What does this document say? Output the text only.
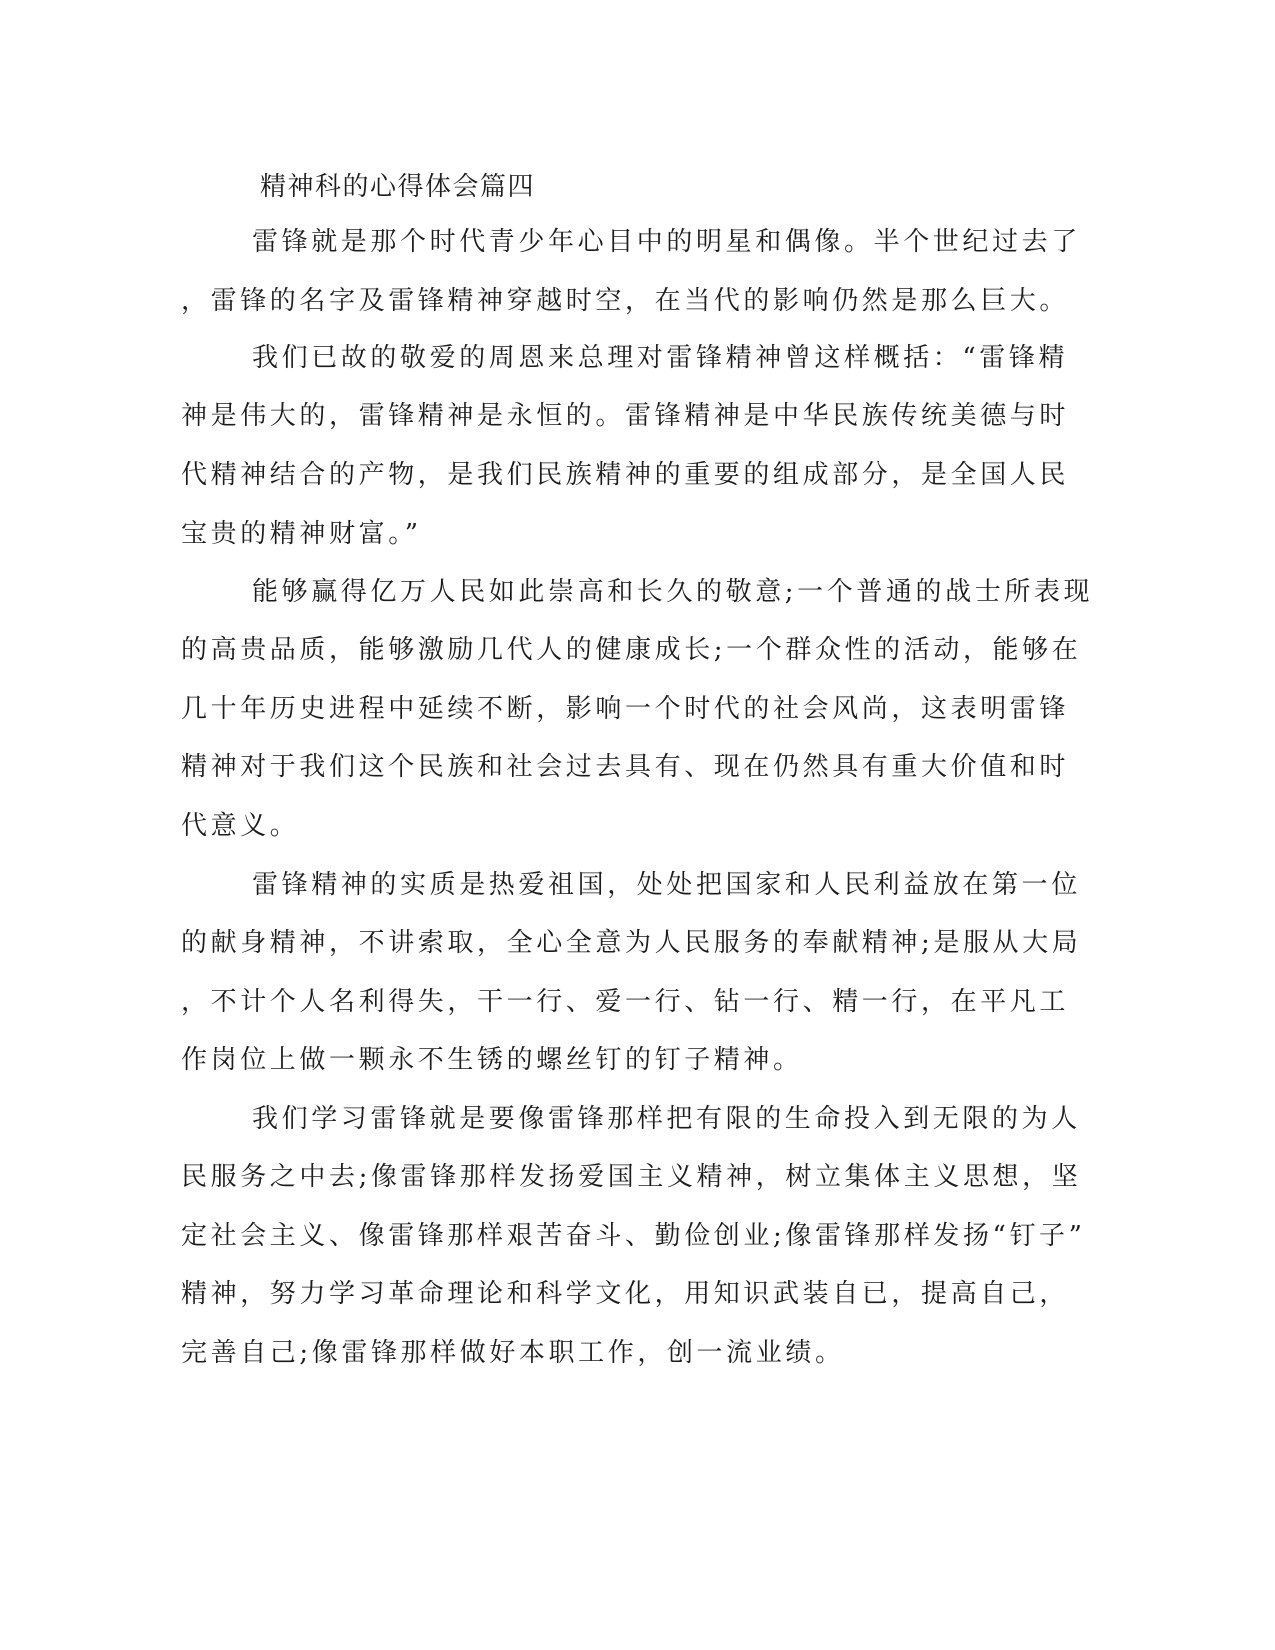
精神科的心得体会篇四

雷锋就是那个时代青少年心目中的明星和偶像。半个世纪过去了

，雷锋的名字及雷锋精神穿越时空，在当代的影响仍然是那么巨大。

我们已故的敬爱的周恩来总理对雷锋精神曾这样概括：“雷锋精

神是伟大的，雷锋精神是永恒的。雷锋精神是中华民族传统美德与时

代精神结合的产物，是我们民族精神的重要的组成部分，是全国人民

宝贵的精神财富。”

能够赢得亿万人民如此崇高和长久的敬意;一个普通的战士所表现

的高贵品质，能够激励几代人的健康成长;一个群众性的活动，能够在

几十年历史进程中延续不断，影响一个时代的社会风尚，这表明雷锋

精神对于我们这个民族和社会过去具有、现在仍然具有重大价值和时

代意义。

雷锋精神的实质是热爱祖国，处处把国家和人民利益放在第一位

的献身精神，不讲索取，全心全意为人民服务的奉献精神;是服从大局

，不计个人名利得失，干一行、爱一行、钻一行、精一行，在平凡工

作岗位上做一颗永不生锈的螺丝钉的钉子精神。

我们学习雷锋就是要像雷锋那样把有限的生命投入到无限的为人

民服务之中去;像雷锋那样发扬爱国主义精神，树立集体主义思想，坚

定社会主义、像雷锋那样艰苦奋斗、勤俭创业;像雷锋那样发扬“钉子”

精神，努力学习革命理论和科学文化，用知识武装自已，提高自己，

完善自己;像雷锋那样做好本职工作，创一流业绩。
